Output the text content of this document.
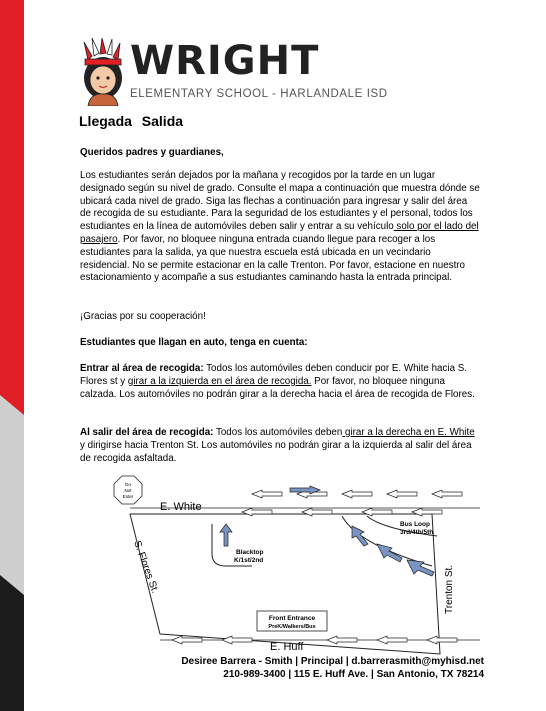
WRIGHT
ELEMENTARY SCHOOL - HARLANDALE ISD
Llegada Salida
Queridos padres y guardianes,
Los estudiantes serán dejados por la mañana y recogidos por la tarde en un lugar designado según su nivel de grado. Consulte el mapa a continuación que muestra dónde se ubicará cada nivel de grado. Siga las flechas a continuación para ingresar y salir del área de recogida de su estudiante. Para la seguridad de los estudiantes y el personal, todos los estudiantes en la línea de automóviles deben salir y entrar a su vehículo solo por el lado del pasajero. Por favor, no bloquee ninguna entrada cuando llegue para recoger a los estudiantes para la salida, ya que nuestra escuela está ubicada en un vecindario residencial. No se permite estacionar en la calle Trenton. Por favor, estacione en nuestro estacionamiento y acompañe a sus estudiantes caminando hasta la entrada principal.
¡Gracias por su cooperación!
Estudiantes que llagan en auto, tenga en cuenta:
Entrar al área de recogida: Todos los automóviles deben conducir por E. White hacia S. Flores st y girar a la izquierda en el área de recogida. Por favor, no bloquee ninguna calzada. Los automóviles no podrán girar a la derecha hacia el área de recogida de Flores.
Al salir del área de recogida: Todos los automóviles deben girar a la derecha en E. White y dirigirse hacia Trenton St. Los automóviles no podrán girar a la izquierda al salir del área de recogida asfaltada.
Do
Not
Enter
E. White
S. Flores St.	Trenton St.
E. Huff
Blacktop
K/1st/2nd
Bus Loop
3rd/4th/5th
Front Entrance
PreK/Walkers/Bus
Desiree Barrera - Smith | Principal | d.barrerasmith@myhisd.net
210-989-3400 | 115 E. Huff Ave. | San Antonio, TX 78214
